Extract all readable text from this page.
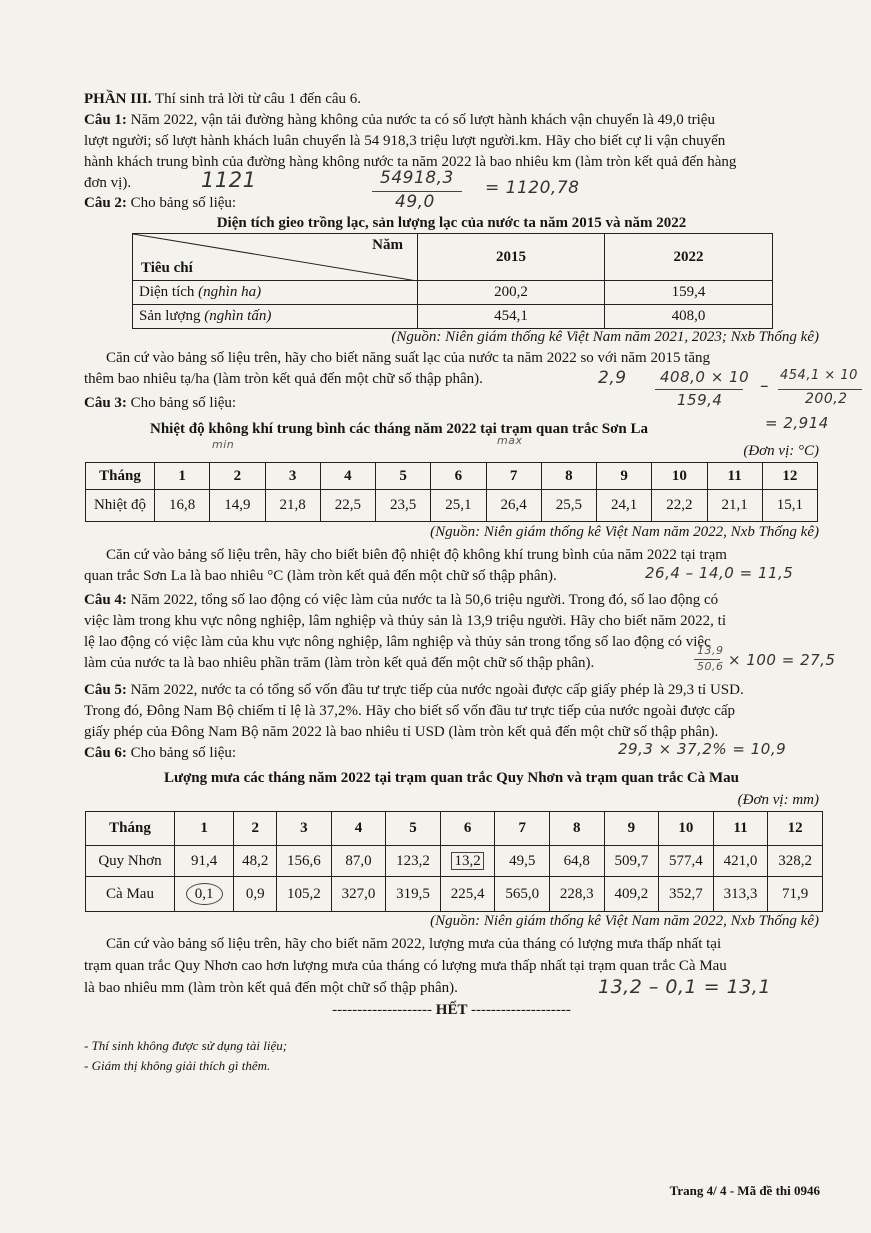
PHẦN III. Thí sinh trả lời từ câu 1 đến câu 6.
Câu 1: Năm 2022, vận tải đường hàng không của nước ta có số lượt hành khách vận chuyển là 49,0 triệu
lượt người; số lượt hành khách luân chuyển là 54 918,3 triệu lượt người.km. Hãy cho biết cự li vận chuyển
hành khách trung bình của đường hàng không nước ta năm 2022 là bao nhiêu km (làm tròn kết quả đến hàng
đơn vị).	1121	54918,3
49,0
= 1120,78
Câu 2: Cho bảng số liệu:
Diện tích gieo trồng lạc, sản lượng lạc của nước ta năm 2015 và năm 2022
Năm
Tiêu chí	2015	2022
Diện tích (nghìn ha)	200,2	159,4
Sản lượng (nghìn tấn)	454,1	408,0
(Nguồn: Niên giám thống kê Việt Nam năm 2021, 2023; Nxb Thống kê)
Căn cứ vào bảng số liệu trên, hãy cho biết năng suất lạc của nước ta năm 2022 so với năm 2015 tăng
thêm bao nhiêu tạ/ha (làm tròn kết quả đến một chữ số thập phân).	2,9 408,0 × 10
159,4
–
454,1 × 10
200,2
Câu 3: Cho bảng số liệu:
= 2,914
Nhiệt độ không khí trung bình các tháng năm 2022 tại trạm quan trắc Sơn La
min	max
(Đơn vị: °C)
Tháng	1	2	3	4	5	6	7	8	9	10	11	12
Nhiệt độ	16,8	14,9	21,8	22,5	23,5	25,1	26,4	25,5	24,1	22,2	21,1	15,1
(Nguồn: Niên giám thống kê Việt Nam năm 2022, Nxb Thống kê)
Căn cứ vào bảng số liệu trên, hãy cho biết biên độ nhiệt độ không khí trung bình của năm 2022 tại trạm
quan trắc Sơn La là bao nhiêu °C (làm tròn kết quả đến một chữ số thập phân).	26,4 – 14,0 = 11,5
Câu 4: Năm 2022, tổng số lao động có việc làm của nước ta là 50,6 triệu người. Trong đó, số lao động có
việc làm trong khu vực nông nghiệp, lâm nghiệp và thủy sản là 13,9 triệu người. Hãy cho biết năm 2022, tỉ
lệ lao động có việc làm của khu vực nông nghiệp, lâm nghiệp và thủy sản trong tổng số lao động có việc
làm của nước ta là bao nhiêu phần trăm (làm tròn kết quả đến một chữ số thập phân).
13,9
50,6 × 100 = 27,5
Câu 5: Năm 2022, nước ta có tổng số vốn đầu tư trực tiếp của nước ngoài được cấp giấy phép là 29,3 tỉ USD.
Trong đó, Đông Nam Bộ chiếm tỉ lệ là 37,2%. Hãy cho biết số vốn đầu tư trực tiếp của nước ngoài được cấp
giấy phép của Đông Nam Bộ năm 2022 là bao nhiêu tỉ USD (làm tròn kết quả đến một chữ số thập phân).
Câu 6: Cho bảng số liệu:	29,3 × 37,2% = 10,9
Lượng mưa các tháng năm 2022 tại trạm quan trắc Quy Nhơn và trạm quan trắc Cà Mau
(Đơn vị: mm)
Tháng	1	2	3	4	5	6	7	8	9	10	11	12
Quy Nhơn	91,4	48,2	156,6	87,0	123,2	13,2	49,5	64,8	509,7	577,4	421,0	328,2
Cà Mau	0,1	0,9	105,2	327,0	319,5	225,4	565,0	228,3	409,2	352,7	313,3	71,9
(Nguồn: Niên giám thống kê Việt Nam năm 2022, Nxb Thống kê)
Căn cứ vào bảng số liệu trên, hãy cho biết năm 2022, lượng mưa của tháng có lượng mưa thấp nhất tại
trạm quan trắc Quy Nhơn cao hơn lượng mưa của tháng có lượng mưa thấp nhất tại trạm quan trắc Cà Mau
là bao nhiêu mm (làm tròn kết quả đến một chữ số thập phân).	13,2 – 0,1 = 13,1
-------------------- HẾT --------------------
- Thí sinh không được sử dụng tài liệu;
- Giám thị không giải thích gì thêm.
Trang 4/ 4 - Mã đề thi 0946
